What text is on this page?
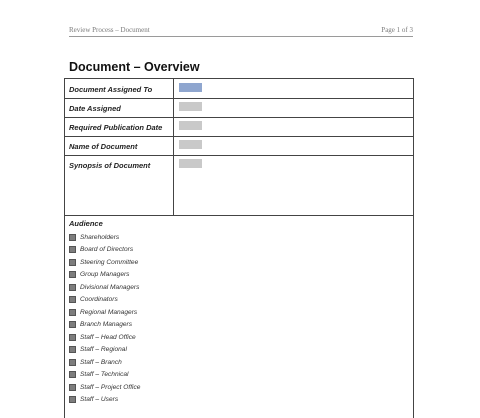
Review Process – Document	Page 1 of 3
Document – Overview
Document Assigned To
Date Assigned
Required Publication Date
Name of Document
Synopsis of Document
Audience
Shareholders
Board of Directors
Steering Committee
Group Managers
Divisional Managers
Coordinators
Regional Managers
Branch Managers
Staff – Head Office
Staff – Regional
Staff – Branch
Staff – Technical
Staff – Project Office
Staff – Users
